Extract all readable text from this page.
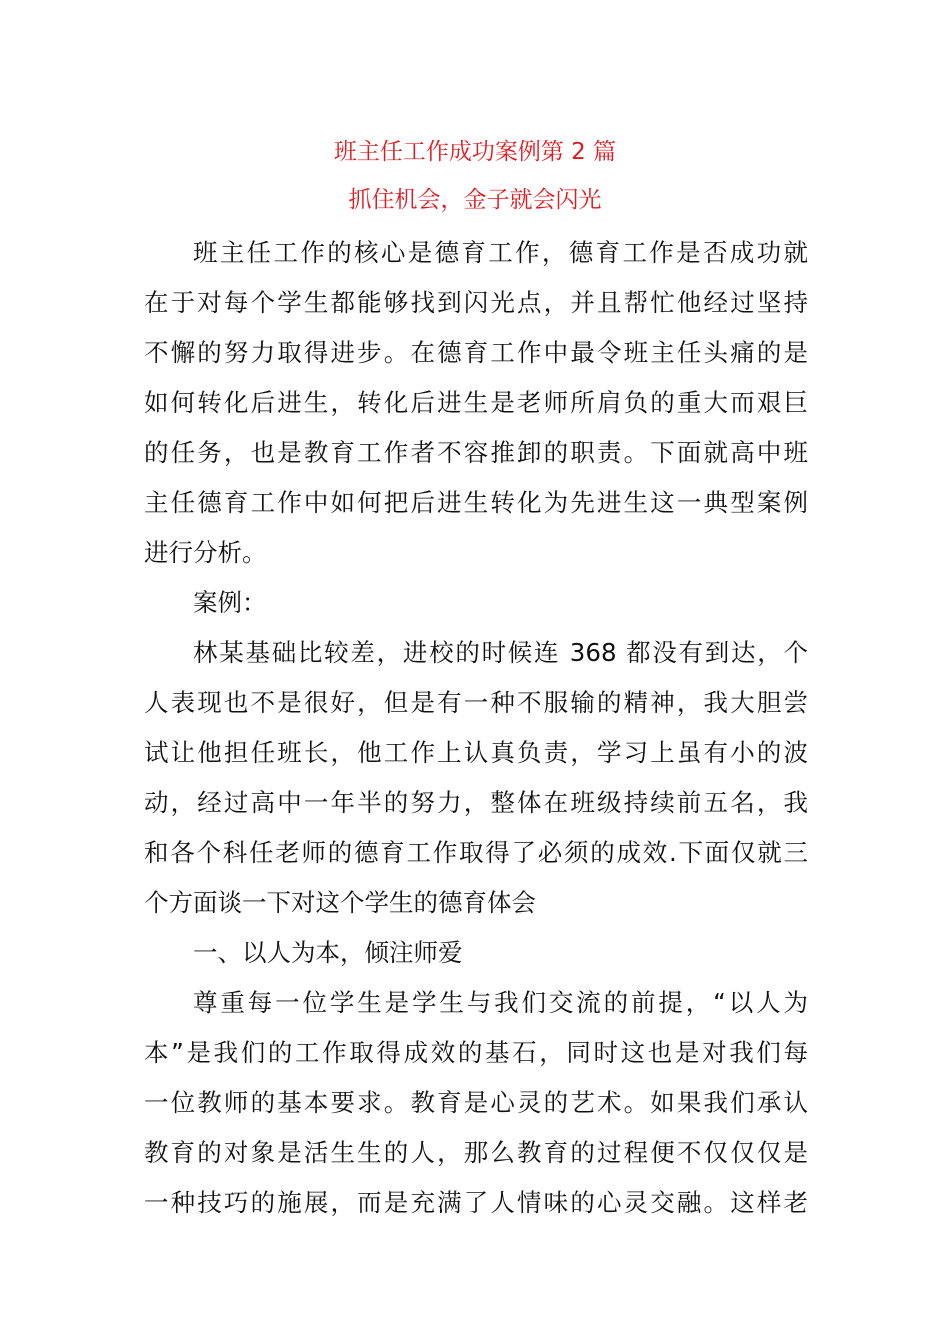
班主任工作成功案例第 2 篇
抓住机会，金子就会闪光
班主任工作的核心是德育工作，德育工作是否成功就
在于对每个学生都能够找到闪光点，并且帮忙他经过坚持
不懈的努力取得进步。在德育工作中最令班主任头痛的是
如何转化后进生，转化后进生是老师所肩负的重大而艰巨
的任务，也是教育工作者不容推卸的职责。下面就高中班
主任德育工作中如何把后进生转化为先进生这一典型案例
进行分析。
案例：
林某基础比较差，进校的时候连 368 都没有到达，个
人表现也不是很好，但是有一种不服输的精神，我大胆尝
试让他担任班长，他工作上认真负责，学习上虽有小的波
动，经过高中一年半的努力，整体在班级持续前五名，我
和各个科任老师的德育工作取得了必须的成效.下面仅就三
个方面谈一下对这个学生的德育体会
一、以人为本，倾注师爱
尊重每一位学生是学生与我们交流的前提，“以人为
本”是我们的工作取得成效的基石，同时这也是对我们每
一位教师的基本要求。教育是心灵的艺术。如果我们承认
教育的对象是活生生的人，那么教育的过程便不仅仅仅是
一种技巧的施展，而是充满了人情味的心灵交融。这样老
